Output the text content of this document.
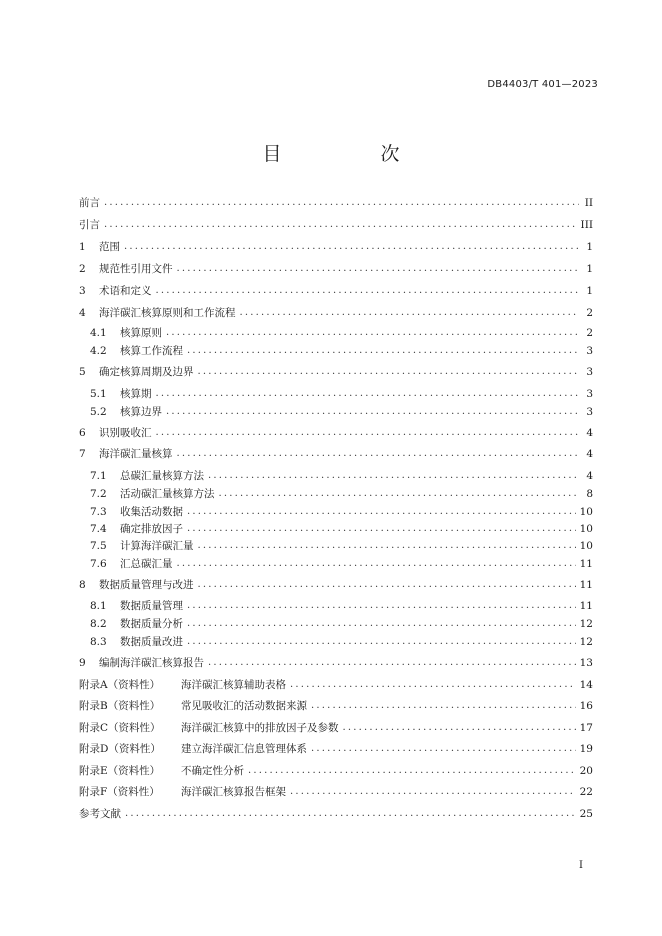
DB4403/T 401—2023
目　次
前言 .....	II
引言 .....	III
1	范围 .....	1
2	规范性引用文件 .....	1
3	术语和定义 .....	1
4	海洋碳汇核算原则和工作流程 .....	2
4.1	核算原则 .....	2
4.2	核算工作流程 .....	3
5	确定核算周期及边界 .....	3
5.1	核算期 .....	3
5.2	核算边界 .....	3
6	识别吸收汇 .....	4
7	海洋碳汇量核算 .....	4
7.1	总碳汇量核算方法 .....	4
7.2	活动碳汇量核算方法 .....	8
7.3	收集活动数据 .....	10
7.4	确定排放因子 .....	10
7.5	计算海洋碳汇量 .....	10
7.6	汇总碳汇量 .....	11
8	数据质量管理与改进 .....	11
8.1	数据质量管理 .....	11
8.2	数据质量分析 .....	12
8.3	数据质量改进 .....	12
9	编制海洋碳汇核算报告 .....	13
附录A（资料性）	海洋碳汇核算辅助表格 .....	14
附录B（资料性）	常见吸收汇的活动数据来源 .....	16
附录C（资料性）	海洋碳汇核算中的排放因子及参数 .....	17
附录D（资料性）	建立海洋碳汇信息管理体系 .....	19
附录E（资料性）	不确定性分析 .....	20
附录F（资料性）	海洋碳汇核算报告框架 .....	22
参考文献 .....	25
I
